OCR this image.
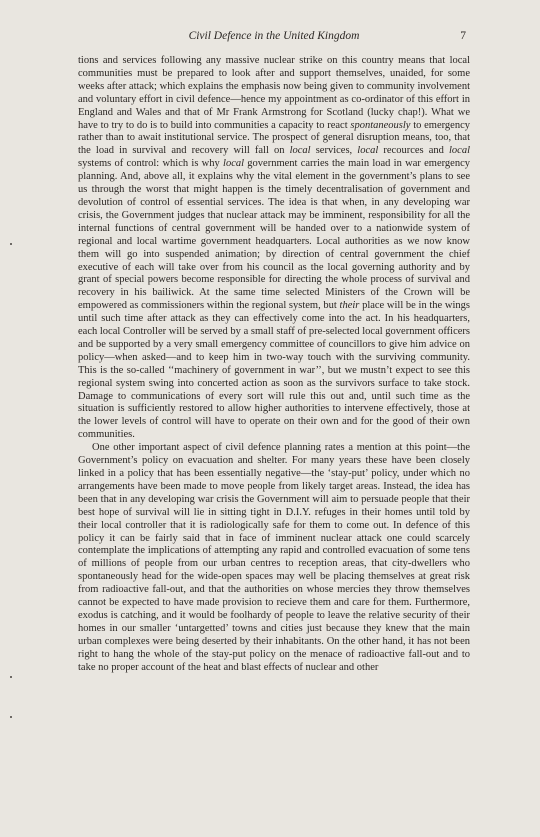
Civil Defence in the United Kingdom	7

tions and services following any massive nuclear strike on this country means that local communities must be prepared to look after and support themselves, unaided, for some weeks after attack; which explains the emphasis now being given to community involvement and voluntary effort in civil defence—hence my appointment as co-ordinator of this effort in England and Wales and that of Mr Frank Armstrong for Scotland (lucky chap!). What we have to try to do is to build into communities a capacity to react spontaneously to emergency rather than to await institutional service. The prospect of general disruption means, too, that the load in survival and recovery will fall on local services, local recources and local systems of control: which is why local government carries the main load in war emergency planning. And, above all, it explains why the vital element in the government’s plans to see us through the worst that might happen is the timely decentralisation of government and devolution of control of essential services. The idea is that when, in any developing war crisis, the Government judges that nuclear attack may be imminent, responsibility for all the internal functions of central government will be handed over to a nationwide system of regional and local wartime government headquarters. Local authorities as we now know them will go into suspended animation; by direction of central government the chief executive of each will take over from his council as the local governing authority and by grant of special powers become responsible for directing the whole process of survival and recovery in his bailiwick. At the same time selected Ministers of the Crown will be empowered as commissioners within the regional system, but their place will be in the wings until such time after attack as they can effectively come into the act. In his headquarters, each local Controller will be served by a small staff of pre-selected local government officers and be supported by a very small emergency committee of councillors to give him advice on policy—when asked—and to keep him in two-way touch with the surviving community. This is the so-called ‘‘machinery of government in war’’, but we mustn’t expect to see this regional system swing into concerted action as soon as the survivors surface to take stock. Damage to communications of every sort will rule this out and, until such time as the situation is sufficiently restored to allow higher authorities to intervene effectively, those at the lower levels of control will have to operate on their own and for the good of their own communities.

One other important aspect of civil defence planning rates a mention at this point—the Government’s policy on evacuation and shelter. For many years these have been closely linked in a policy that has been essentially negative—the ‘stay-put’ policy, under which no arrangements have been made to move people from likely target areas. Instead, the idea has been that in any developing war crisis the Government will aim to persuade people that their best hope of survival will lie in sitting tight in D.I.Y. refuges in their homes until told by their local controller that it is radiologically safe for them to come out. In defence of this policy it can be fairly said that in face of imminent nuclear attack one could scarcely contemplate the implications of attempting any rapid and controlled evacuation of some tens of millions of people from our urban centres to reception areas, that city-dwellers who spontaneously head for the wide-open spaces may well be placing themselves at great risk from radioactive fall-out, and that the authorities on whose mercies they throw themselves cannot be expected to have made provision to recieve them and care for them. Furthermore, exodus is catching, and it would be foolhardy of people to leave the relative security of their homes in our smaller ‘untargetted’ towns and cities just because they knew that the main urban complexes were being deserted by their inhabitants. On the other hand, it has not been right to hang the whole of the stay-put policy on the menace of radioactive fall-out and to take no proper account of the heat and blast effects of nuclear and other
